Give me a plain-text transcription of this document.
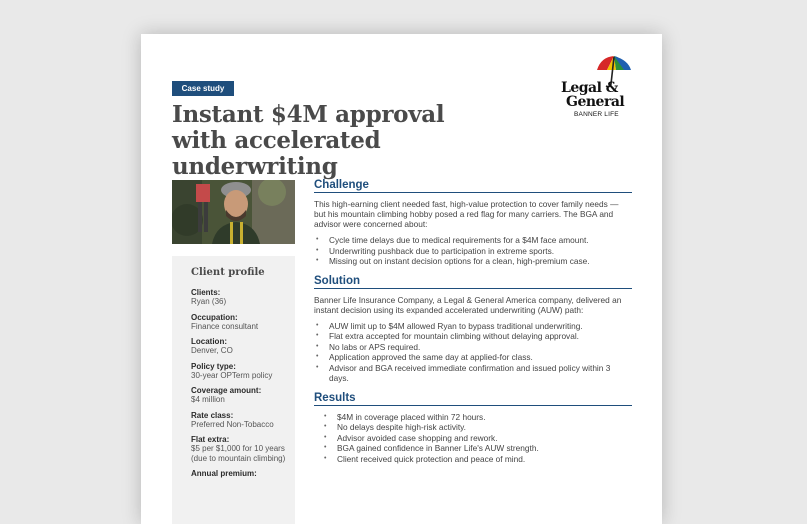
Case study
Instant $4M approval
with accelerated underwriting
Legal &
General
BANNER LIFE
Client profile
Clients:
Ryan (36)
Occupation:
Finance consultant
Location:
Denver, CO
Policy type:
30-year OPTerm policy
Coverage amount:
$4 million
Rate class:
Preferred Non-Tobacco
Flat extra:
$5 per $1,000 for 10 years (due to mountain climbing)
Annual premium:
Challenge

This high-earning client needed fast, high-value protection to cover family needs — but his mountain climbing hobby posed a red flag for many carriers. The BGA and advisor were concerned about:

• Cycle time delays due to medical requirements for a $4M face amount.
• Underwriting pushback due to participation in extreme sports.
• Missing out on instant decision options for a clean, high-premium case.
Solution

Banner Life Insurance Company, a Legal & General America company, delivered an instant decision using its expanded accelerated underwriting (AUW) path:

• AUW limit up to $4M allowed Ryan to bypass traditional underwriting.
• Flat extra accepted for mountain climbing without delaying approval.
• No labs or APS required.
• Application approved the same day at applied-for class.
• Advisor and BGA received immediate confirmation and issued policy within 3 days.
Results
• $4M in coverage placed within 72 hours.
• No delays despite high-risk activity.
• Advisor avoided case shopping and rework.
• BGA gained confidence in Banner Life's AUW strength.
• Client received quick protection and peace of mind.
